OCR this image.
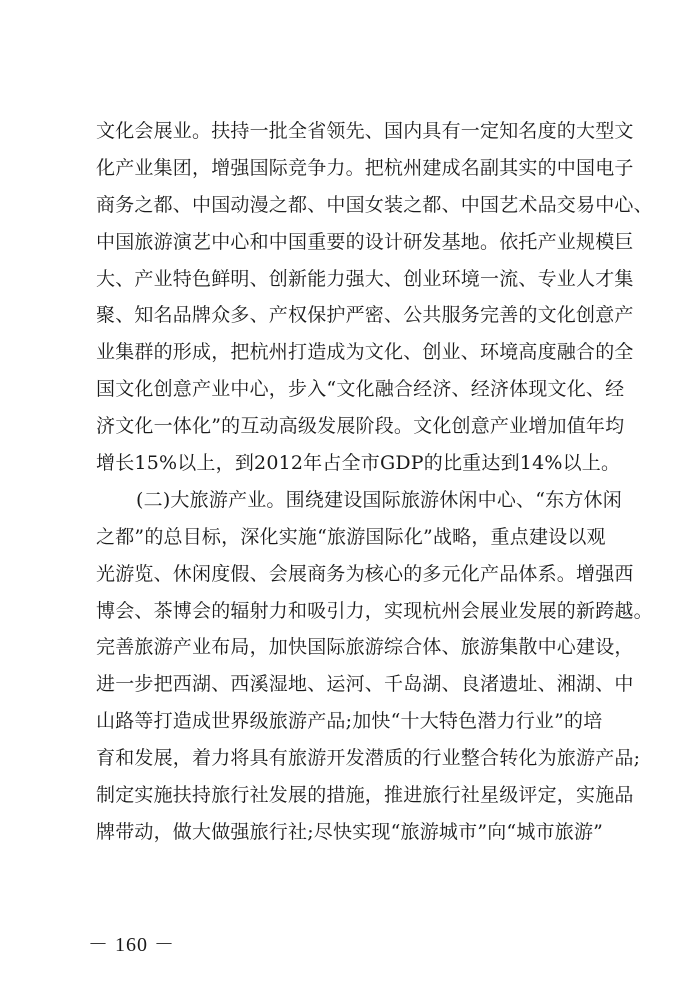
文化会展业。扶持一批全省领先、国内具有一定知名度的大型文
化产业集团，增强国际竞争力。把杭州建成名副其实的中国电子
商务之都、中国动漫之都、中国女装之都、中国艺术品交易中心、
中国旅游演艺中心和中国重要的设计研发基地。依托产业规模巨
大、产业特色鲜明、创新能力强大、创业环境一流、专业人才集
聚、知名品牌众多、产权保护严密、公共服务完善的文化创意产
业集群的形成，把杭州打造成为文化、创业、环境高度融合的全
国文化创意产业中心，步入“文化融合经济、经济体现文化、经
济文化一体化”的互动高级发展阶段。文化创意产业增加值年均
增长15%以上，到2012年占全市GDP的比重达到14%以上。
(二)大旅游产业。围绕建设国际旅游休闲中心、“东方休闲
之都”的总目标，深化实施“旅游国际化”战略，重点建设以观
光游览、休闲度假、会展商务为核心的多元化产品体系。增强西
博会、茶博会的辐射力和吸引力，实现杭州会展业发展的新跨越。
完善旅游产业布局，加快国际旅游综合体、旅游集散中心建设，
进一步把西湖、西溪湿地、运河、千岛湖、良渚遗址、湘湖、中
山路等打造成世界级旅游产品;加快“十大特色潜力行业”的培
育和发展，着力将具有旅游开发潜质的行业整合转化为旅游产品;
制定实施扶持旅行社发展的措施，推进旅行社星级评定，实施品
牌带动，做大做强旅行社;尽快实现“旅游城市”向“城市旅游”
－ 160 －
